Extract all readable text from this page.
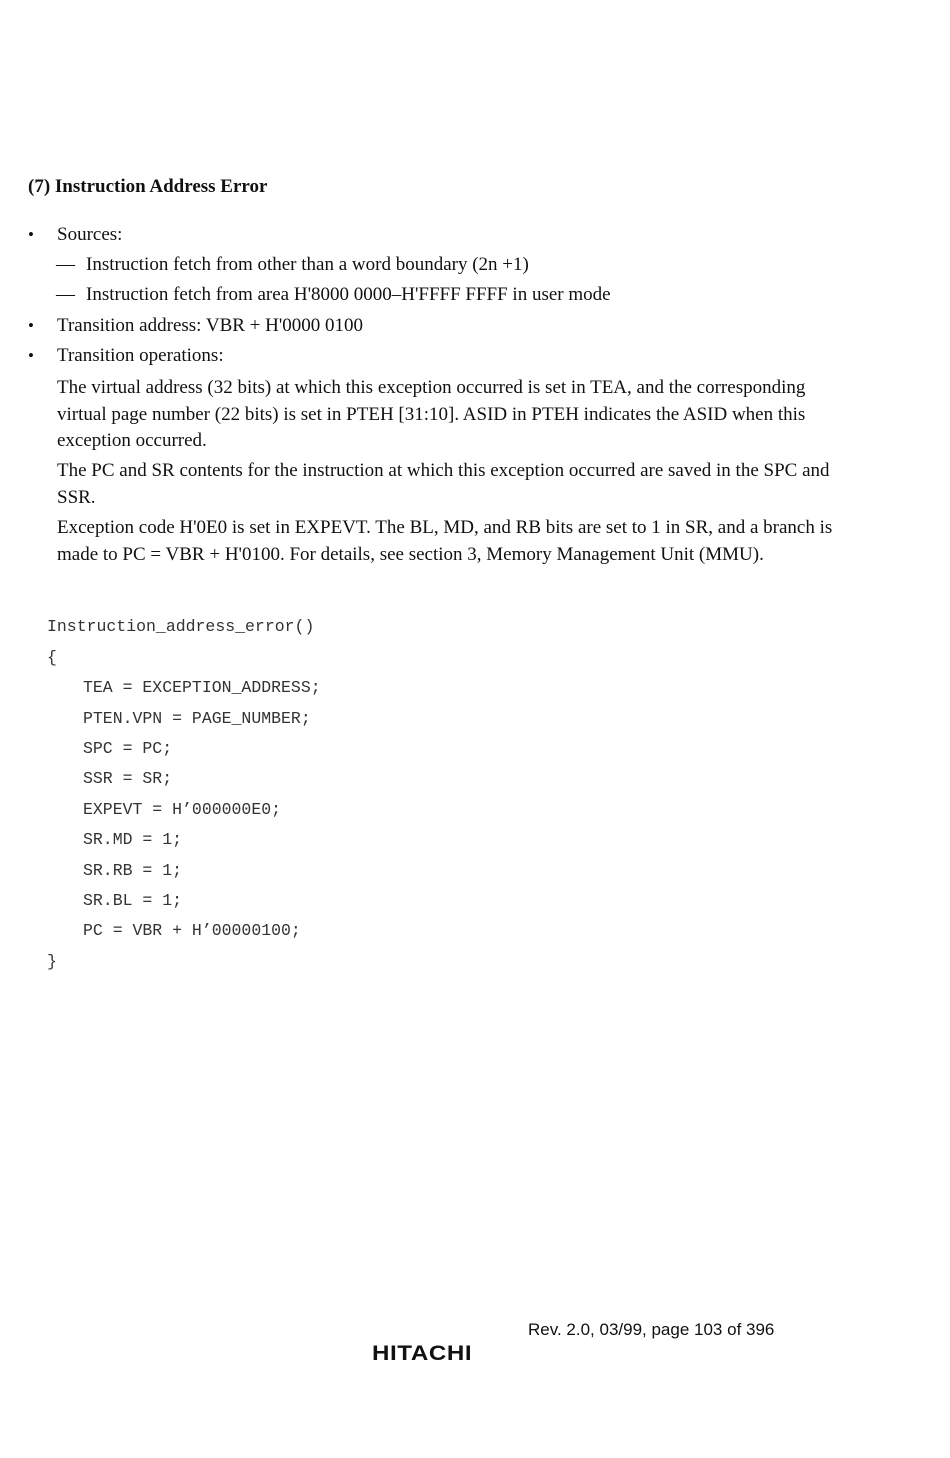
(7) Instruction Address Error
• Sources:
— Instruction fetch from other than a word boundary (2n +1)
— Instruction fetch from area H'8000 0000–H'FFFF FFFF in user mode
• Transition address: VBR + H'0000 0100
• Transition operations:
The virtual address (32 bits) at which this exception occurred is set in TEA, and the corresponding virtual page number (22 bits) is set in PTEH [31:10]. ASID in PTEH indicates the ASID when this exception occurred.
The PC and SR contents for the instruction at which this exception occurred are saved in the SPC and SSR.
Exception code H'0E0 is set in EXPEVT. The BL, MD, and RB bits are set to 1 in SR, and a branch is made to PC = VBR + H'0100. For details, see section 3, Memory Management Unit (MMU).
Instruction_address_error()
{
TEA = EXCEPTION_ADDRESS;
PTEN.VPN = PAGE_NUMBER;
SPC = PC;
SSR = SR;
EXPEVT = H’000000E0;
SR.MD = 1;
SR.RB = 1;
SR.BL = 1;
PC = VBR + H’00000100;
}
Rev. 2.0, 03/99, page 103 of 396
HITACHI
